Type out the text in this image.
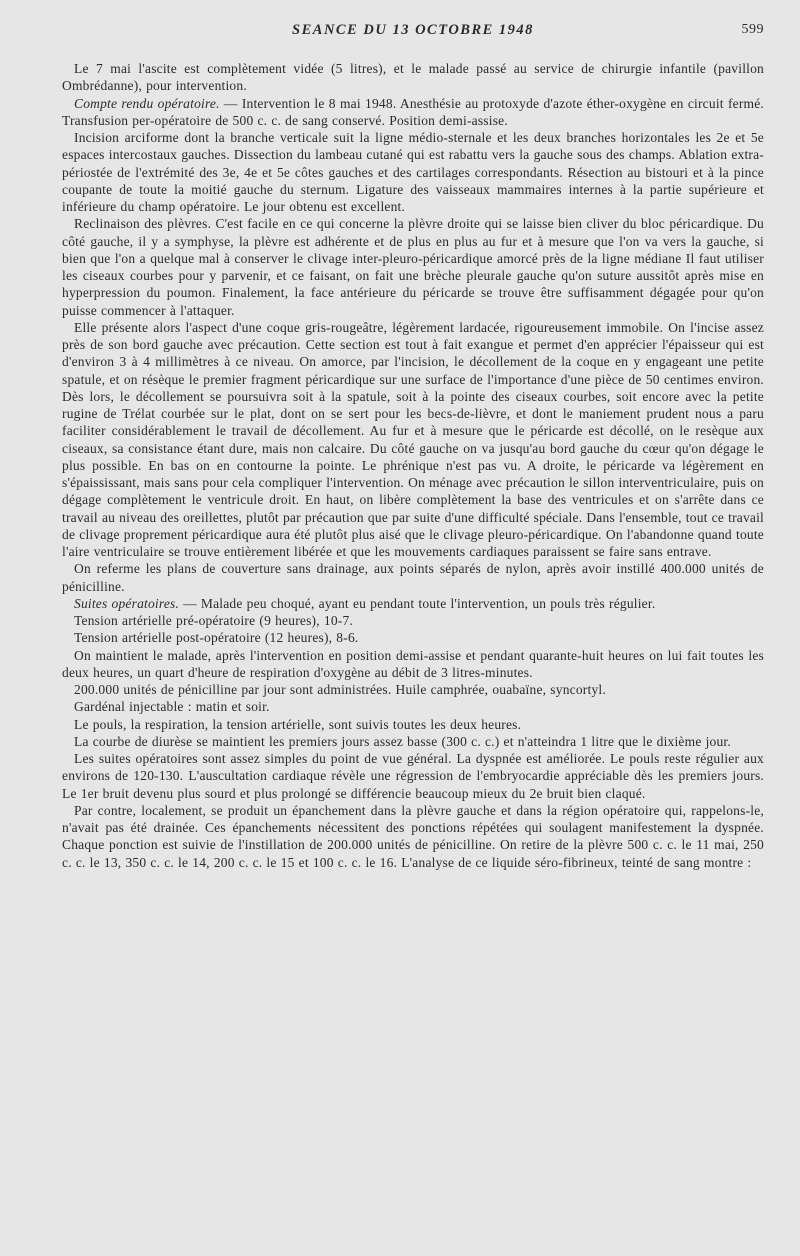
SEANCE DU 13 OCTOBRE 1948	599

Le 7 mai l'ascite est complètement vidée (5 litres), et le malade passé au service de chirurgie infantile (pavillon Ombrédanne), pour intervention.

Compte rendu opératoire. — Intervention le 8 mai 1948. Anesthésie au protoxyde d'azote éther-oxygène en circuit fermé. Transfusion per-opératoire de 500 c. c. de sang conservé. Position demi-assise.

Incision arciforme dont la branche verticale suit la ligne médio-sternale et les deux branches horizontales les 2e et 5e espaces intercostaux gauches. Dissection du lambeau cutané qui est rabattu vers la gauche sous des champs. Ablation extra-périostée de l'extrémité des 3e, 4e et 5e côtes gauches et des cartilages correspondants. Résection au bistouri et à la pince coupante de toute la moitié gauche du sternum. Ligature des vaisseaux mammaires internes à la partie supérieure et inférieure du champ opératoire. Le jour obtenu est excellent.

Reclinaison des plèvres. C'est facile en ce qui concerne la plèvre droite qui se laisse bien cliver du bloc péricardique. Du côté gauche, il y a symphyse, la plèvre est adhérente et de plus en plus au fur et à mesure que l'on va vers la gauche, si bien que l'on a quelque mal à conserver le clivage inter-pleuro-péricardique amorcé près de la ligne médiane Il faut utiliser les ciseaux courbes pour y parvenir, et ce faisant, on fait une brèche pleurale gauche qu'on suture aussitôt après mise en hyperpression du poumon. Finalement, la face antérieure du péricarde se trouve être suffisamment dégagée pour qu'on puisse commencer à l'attaquer.

Elle présente alors l'aspect d'une coque gris-rougeâtre, légèrement lardacée, rigoureusement immobile. On l'incise assez près de son bord gauche avec précaution. Cette section est tout à fait exangue et permet d'en apprécier l'épaisseur qui est d'environ 3 à 4 millimètres à ce niveau. On amorce, par l'incision, le décollement de la coque en y engageant une petite spatule, et on résèque le premier fragment péricardique sur une surface de l'importance d'une pièce de 50 centimes environ. Dès lors, le décollement se poursuivra soit à la spatule, soit à la pointe des ciseaux courbes, soit encore avec la petite rugine de Trélat courbée sur le plat, dont on se sert pour les becs-de-lièvre, et dont le maniement prudent nous a paru faciliter considérablement le travail de décollement. Au fur et à mesure que le péricarde est décollé, on le resèque aux ciseaux, sa consistance étant dure, mais non calcaire. Du côté gauche on va jusqu'au bord gauche du cœur qu'on dégage le plus possible. En bas on en contourne la pointe. Le phrénique n'est pas vu. A droite, le péricarde va légèrement en s'épaississant, mais sans pour cela compliquer l'intervention. On ménage avec précaution le sillon interventriculaire, puis on dégage complètement le ventricule droit. En haut, on libère complètement la base des ventricules et on s'arrête dans ce travail au niveau des oreillettes, plutôt par précaution que par suite d'une difficulté spéciale. Dans l'ensemble, tout ce travail de clivage proprement péricardique aura été plutôt plus aisé que le clivage pleuro-péricardique. On l'abandonne quand toute l'aire ventriculaire se trouve entièrement libérée et que les mouvements cardiaques paraissent se faire sans entrave.

On referme les plans de couverture sans drainage, aux points séparés de nylon, après avoir instillé 400.000 unités de pénicilline.

Suites opératoires. — Malade peu choqué, ayant eu pendant toute l'intervention, un pouls très régulier.

Tension artérielle pré-opératoire (9 heures), 10-7.

Tension artérielle post-opératoire (12 heures), 8-6.

On maintient le malade, après l'intervention en position demi-assise et pendant quarante-huit heures on lui fait toutes les deux heures, un quart d'heure de respiration d'oxygène au débit de 3 litres-minutes.

200.000 unités de pénicilline par jour sont administrées. Huile camphrée, ouabaïne, syncortyl.

Gardénal injectable : matin et soir.

Le pouls, la respiration, la tension artérielle, sont suivis toutes les deux heures.

La courbe de diurèse se maintient les premiers jours assez basse (300 c. c.) et n'atteindra 1 litre que le dixième jour.

Les suites opératoires sont assez simples du point de vue général. La dyspnée est améliorée. Le pouls reste régulier aux environs de 120-130. L'auscultation cardiaque révèle une régression de l'embryocardie appréciable dès les premiers jours. Le 1er bruit devenu plus sourd et plus prolongé se différencie beaucoup mieux du 2e bruit bien claqué.

Par contre, localement, se produit un épanchement dans la plèvre gauche et dans la région opératoire qui, rappelons-le, n'avait pas été drainée. Ces épanchements nécessitent des ponctions répétées qui soulagent manifestement la dyspnée. Chaque ponction est suivie de l'instillation de 200.000 unités de pénicilline. On retire de la plèvre 500 c. c. le 11 mai, 250 c. c. le 13, 350 c. c. le 14, 200 c. c. le 15 et 100 c. c. le 16. L'analyse de ce liquide séro-fibrineux, teinté de sang montre :
